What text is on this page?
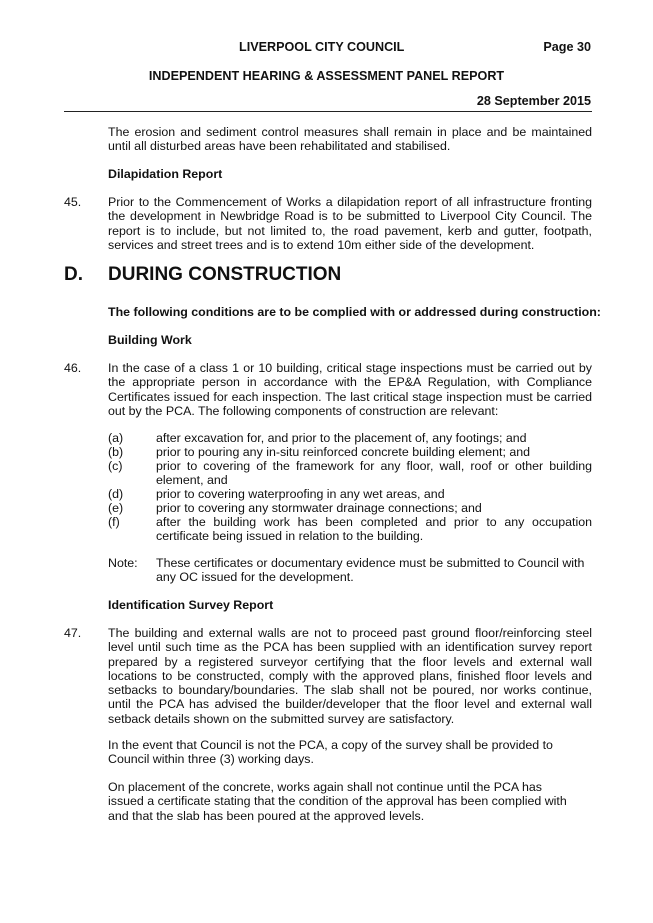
LIVERPOOL CITY COUNCIL	Page 30
INDEPENDENT HEARING & ASSESSMENT PANEL REPORT
28 September 2015

The erosion and sediment control measures shall remain in place and be maintained until all disturbed areas have been rehabilitated and stabilised.

Dilapidation Report
45. Prior to the Commencement of Works a dilapidation report of all infrastructure fronting the development in Newbridge Road is to be submitted to Liverpool City Council. The report is to include, but not limited to, the road pavement, kerb and gutter, footpath, services and street trees and is to extend 10m either side of the development.

D. DURING CONSTRUCTION
The following conditions are to be complied with or addressed during construction:
Building Work
46. In the case of a class 1 or 10 building, critical stage inspections must be carried out by the appropriate person in accordance with the EP&A Regulation, with Compliance Certificates issued for each inspection. The last critical stage inspection must be carried out by the PCA. The following components of construction are relevant:

(a)	after excavation for, and prior to the placement of, any footings; and
(b)	prior to pouring any in-situ reinforced concrete building element; and
(c)	prior to covering of the framework for any floor, wall, roof or other building element, and
(d)	prior to covering waterproofing in any wet areas, and
(e)	prior to covering any stormwater drainage connections; and
(f)	after the building work has been completed and prior to any occupation certificate being issued in relation to the building.
Note: These certificates or documentary evidence must be submitted to Council with any OC issued for the development.
Identification Survey Report
47. The building and external walls are not to proceed past ground floor/reinforcing steel level until such time as the PCA has been supplied with an identification survey report prepared by a registered surveyor certifying that the floor levels and external wall locations to be constructed, comply with the approved plans, finished floor levels and setbacks to boundary/boundaries. The slab shall not be poured, nor works continue, until the PCA has advised the builder/developer that the floor level and external wall setback details shown on the submitted survey are satisfactory.

In the event that Council is not the PCA, a copy of the survey shall be provided to Council within three (3) working days.

On placement of the concrete, works again shall not continue until the PCA has issued a certificate stating that the condition of the approval has been complied with and that the slab has been poured at the approved levels.
